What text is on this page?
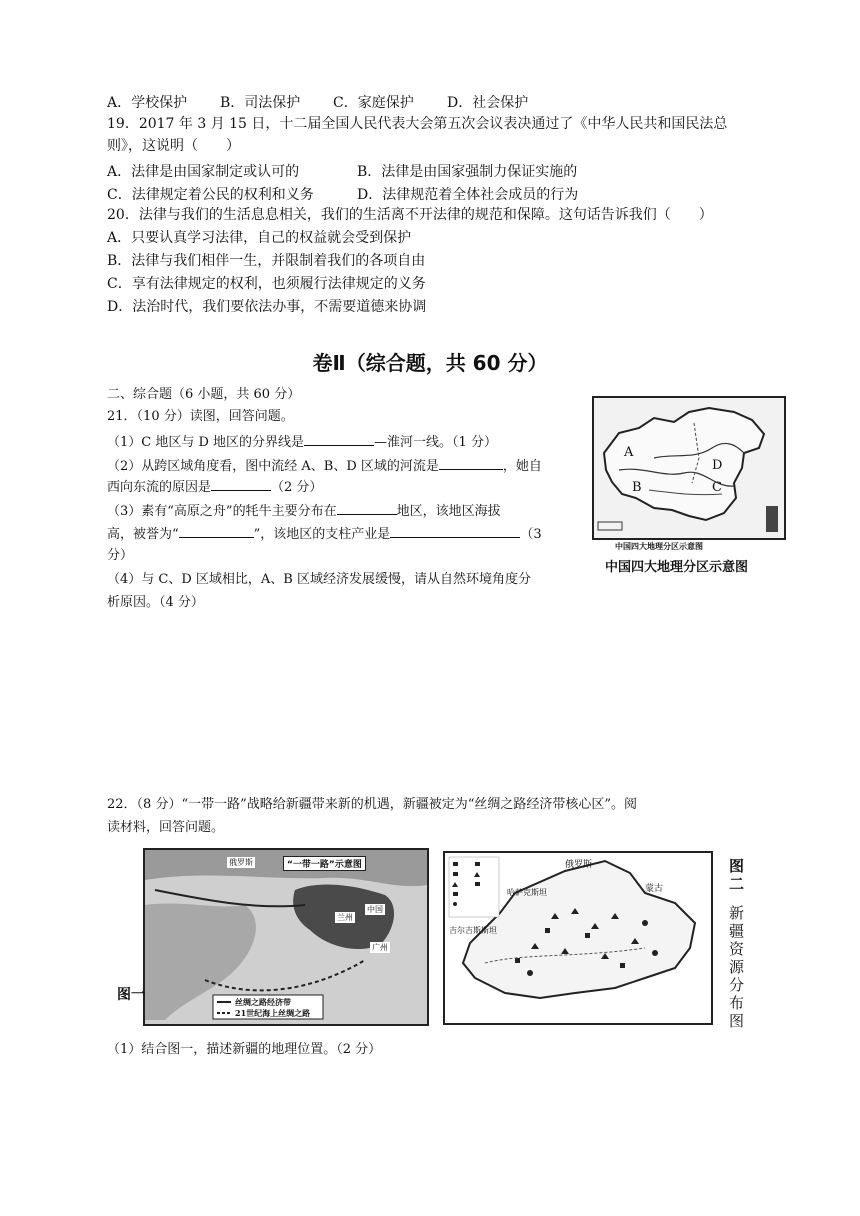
A．学校保护 B．司法保护 C．家庭保护 D．社会保护
19．2017 年 3 月 15 日，十二届全国人民代表大会第五次会议表决通过了《中华人民共和国民法总
则》，这说明（　　）
A．法律是由国家制定或认可的	B．法律是由国家强制力保证实施的
C．法律规定着公民的权利和义务	D．法律规范着全体社会成员的行为
20．法律与我们的生活息息相关，我们的生活离不开法律的规范和保障。这句话告诉我们（　　）
A．只要认真学习法律，自己的权益就会受到保护
B．法律与我们相伴一生，并限制着我们的各项自由
C．享有法律规定的权利，也须履行法律规定的义务
D．法治时代，我们要依法办事，不需要道德来协调
卷Ⅱ（综合题，共 60 分）
二、综合题（6 小题，共 60 分）
21．（10 分）读图，回答问题。
（1）C 地区与 D 地区的分界线是	—淮河一线。（1 分）
（2）从跨区域角度看，图中流经 A、B、D 区域的河流是	，她自
西向东流的原因是	（2 分）
（3）素有“高原之舟”的牦牛主要分布在	地区，该地区海拔
高，被誉为“	”，该地区的支柱产业是	（3
分）
（4）与 C、D 区域相比，A、B 区域经济发展缓慢，请从自然环境角度分
析原因。（4 分）
A
B	C
D
中国四大地理分区示意图
中国四大地理分区示意图
22．（8 分）“一带一路”战略给新疆带来新的机遇，新疆被定为“丝绸之路经济带核心区”。阅
读材料，回答问题。
“一带一路”示意图
俄罗斯
中国
兰州
广州
丝绸之路经济带
21世纪海上丝绸之路
图一
俄罗斯
哈萨克斯坦	蒙古
吉尔吉斯斯坦
图二
新疆资源分布图
（1）结合图一，描述新疆的地理位置。（2 分）
